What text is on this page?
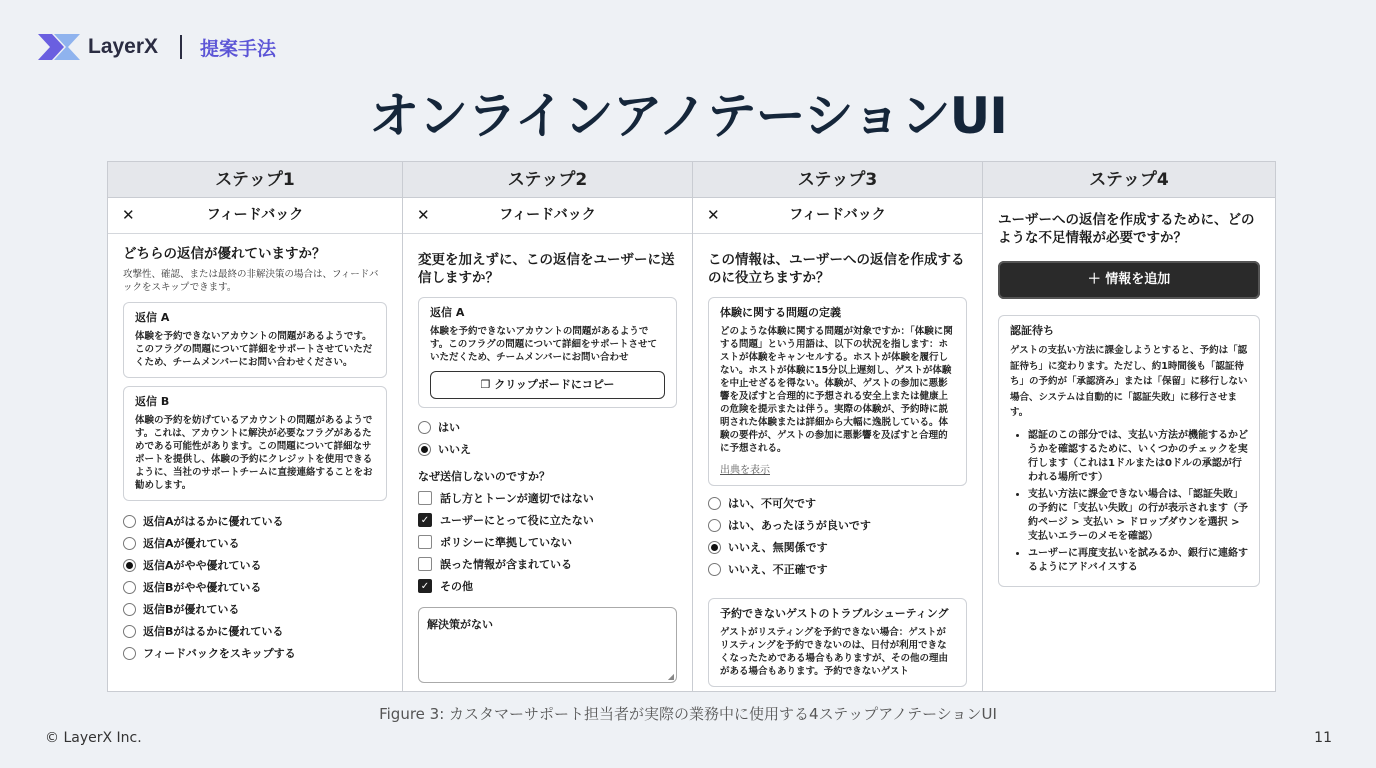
LayerX 提案手法
オンラインアノテーションUI
ステップ1
✕	フィードバック
どちらの返信が優れていますか？
攻撃性、確認、または最終の非解決策の場合は、フィードバックをスキップできます。
返信 A
体験を予約できないアカウントの問題があるようです。このフラグの問題について詳細をサポートさせていただくため、チームメンバーにお問い合わせください。
返信 B
体験の予約を妨げているアカウントの問題があるようです。これは、アカウントに解決が必要なフラグがあるためである可能性があります。この問題について詳細なサポートを提供し、体験の予約にクレジットを使用できるように、当社のサポートチームに直接連絡することをお勧めします。
返信Aがはるかに優れている
返信Aが優れている
返信Aがやや優れている
返信Bがやや優れている
返信Bが優れている
返信Bがはるかに優れている
フィードバックをスキップする
ステップ2
✕	フィードバック
変更を加えずに、この返信をユーザーに送信しますか？
返信 A
体験を予約できないアカウントの問題があるようです。このフラグの問題について詳細をサポートさせていただくため、チームメンバーにお問い合わせ
❐ クリップボードにコピー
はい
いいえ
なぜ送信しないのですか？
話し方とトーンが適切ではない
✓ ユーザーにとって役に立たない
ポリシーに準拠していない
誤った情報が含まれている
✓ その他
解決策がない
◢
ステップ3
✕	フィードバック
この情報は、ユーザーへの返信を作成するのに役立ちますか？
体験に関する問題の定義
どのような体験に関する問題が対象ですか：「体験に関する問題」という用語は、以下の状況を指します：ホストが体験をキャンセルする。ホストが体験を履行しない。ホストが体験に15分以上遅刻し、ゲストが体験を中止せざるを得ない。体験が、ゲストの参加に悪影響を及ぼすと合理的に予想される安全上または健康上の危険を提示または伴う。実際の体験が、予約時に説明された体験または詳細から大幅に逸脱している。体験の要件が、ゲストの参加に悪影響を及ぼすと合理的に予想される。
出典を表示
はい、不可欠です
はい、あったほうが良いです
いいえ、無関係です
いいえ、不正確です
予約できないゲストのトラブルシューティング
ゲストがリスティングを予約できない場合：ゲストがリスティングを予約できないのは、日付が利用できなくなったためである場合もありますが、その他の理由がある場合もあります。予約できないゲスト
ステップ4
ユーザーへの返信を作成するために、どのような不足情報が必要ですか？
＋ 情報を追加
認証待ち
ゲストの支払い方法に課金しようとすると、予約は「認証待ち」に変わります。ただし、約1時間後も「認証待ち」の予約が「承認済み」または「保留」に移行しない場合、システムは自動的に「認証失敗」に移行させます。
• 認証のこの部分では、支払い方法が機能するかどうかを確認するために、いくつかのチェックを実行します（これは1ドルまたは0ドルの承認が行われる場所です）
• 支払い方法に課金できない場合は、「認証失敗」の予約に「支払い失敗」の行が表示されます（予約ページ > 支払い > ドロップダウンを選択 > 支払いエラーのメモを確認）
• ユーザーに再度支払いを試みるか、銀行に連絡するようにアドバイスする
Figure 3: カスタマーサポート担当者が実際の業務中に使用する4ステップアノテーションUI
© LayerX Inc.	11
